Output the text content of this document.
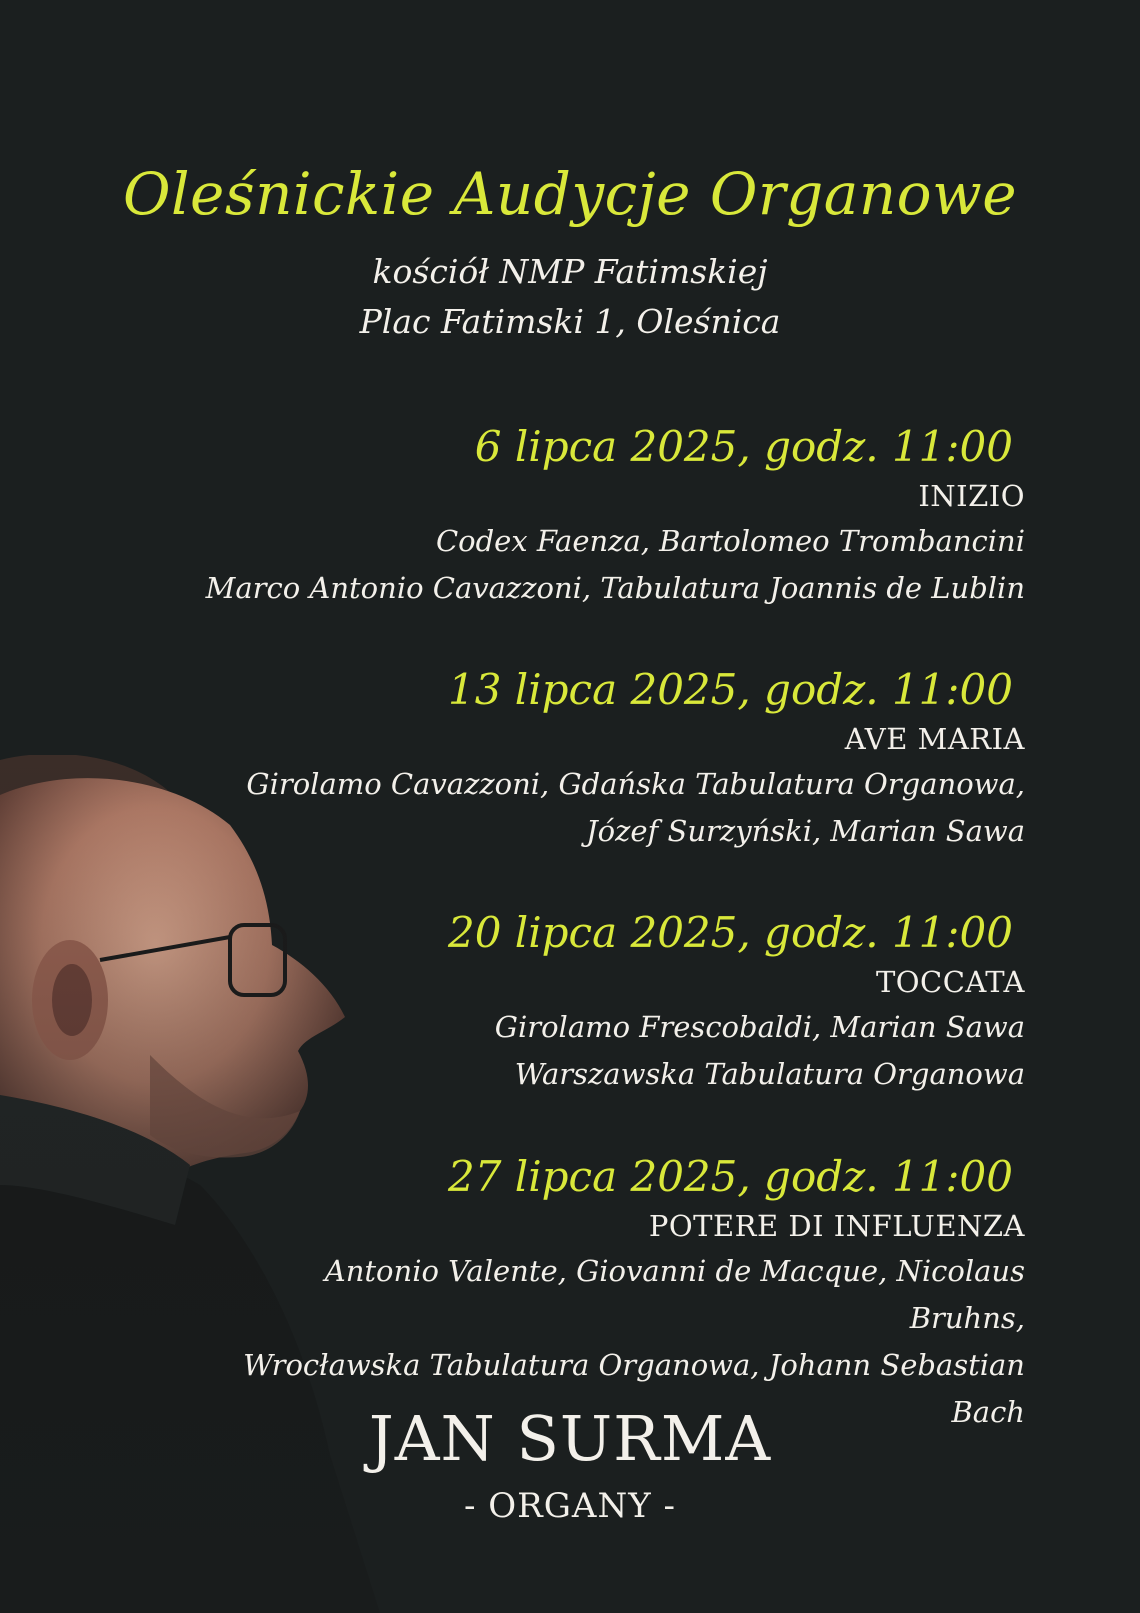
Oleśnickie Audycje Organowe
kościół NMP Fatimskiej
Plac Fatimski 1, Oleśnica
6 lipca 2025, godz. 11:00
INIZIO
Codex Faenza, Bartolomeo Trombancini
Marco Antonio Cavazzoni, Tabulatura Joannis de Lublin
13 lipca 2025, godz. 11:00
AVE MARIA
Girolamo Cavazzoni, Gdańska Tabulatura Organowa,
Józef Surzyński, Marian Sawa
20 lipca 2025, godz. 11:00
TOCCATA
Girolamo Frescobaldi, Marian Sawa
Warszawska Tabulatura Organowa
27 lipca 2025, godz. 11:00
POTERE DI INFLUENZA
Antonio Valente, Giovanni de Macque, Nicolaus Bruhns,
Wrocławska Tabulatura Organowa, Johann Sebastian Bach
JAN SURMA
- ORGANY -
